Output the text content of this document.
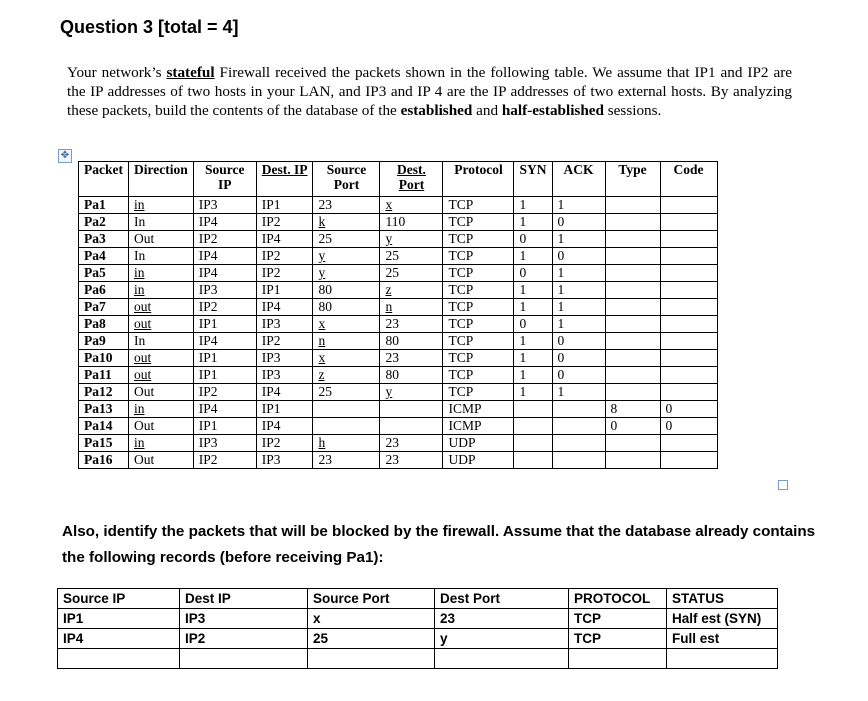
Question 3 [total = 4]
Your network’s stateful Firewall received the packets shown in the following table. We assume that IP1 and IP2 are the IP addresses of two hosts in your LAN, and IP3 and IP 4 are the IP addresses of two external hosts. By analyzing these packets, build the contents of the database of the established and half-established sessions.
✥
Packet	Direction	Source IP	Dest. IP	Source Port	Dest. Port	Protocol	SYN	ACK	Type	Code
Pa1	in	IP3	IP1	23	x	TCP	1	1		
Pa2	In	IP4	IP2	k	110	TCP	1	0		
Pa3	Out	IP2	IP4	25	y	TCP	0	1		
Pa4	In	IP4	IP2	y	25	TCP	1	0		
Pa5	in	IP4	IP2	y	25	TCP	0	1		
Pa6	in	IP3	IP1	80	z	TCP	1	1		
Pa7	out	IP2	IP4	80	n	TCP	1	1		
Pa8	out	IP1	IP3	x	23	TCP	0	1		
Pa9	In	IP4	IP2	n	80	TCP	1	0		
Pa10	out	IP1	IP3	x	23	TCP	1	0		
Pa11	out	IP1	IP3	z	80	TCP	1	0		
Pa12	Out	IP2	IP4	25	y	TCP	1	1		
Pa13	in	IP4	IP1			ICMP			8	0
Pa14	Out	IP1	IP4			ICMP			0	0
Pa15	in	IP3	IP2	h	23	UDP				
Pa16	Out	IP2	IP3	23	23	UDP				
Also, identify the packets that will be blocked by the firewall. Assume that the database already contains the following records (before receiving Pa1):
Source IP	Dest IP	Source Port	Dest Port	PROTOCOL	STATUS
IP1	IP3	x	23	TCP	Half est (SYN)
IP4	IP2	25	y	TCP	Full est
